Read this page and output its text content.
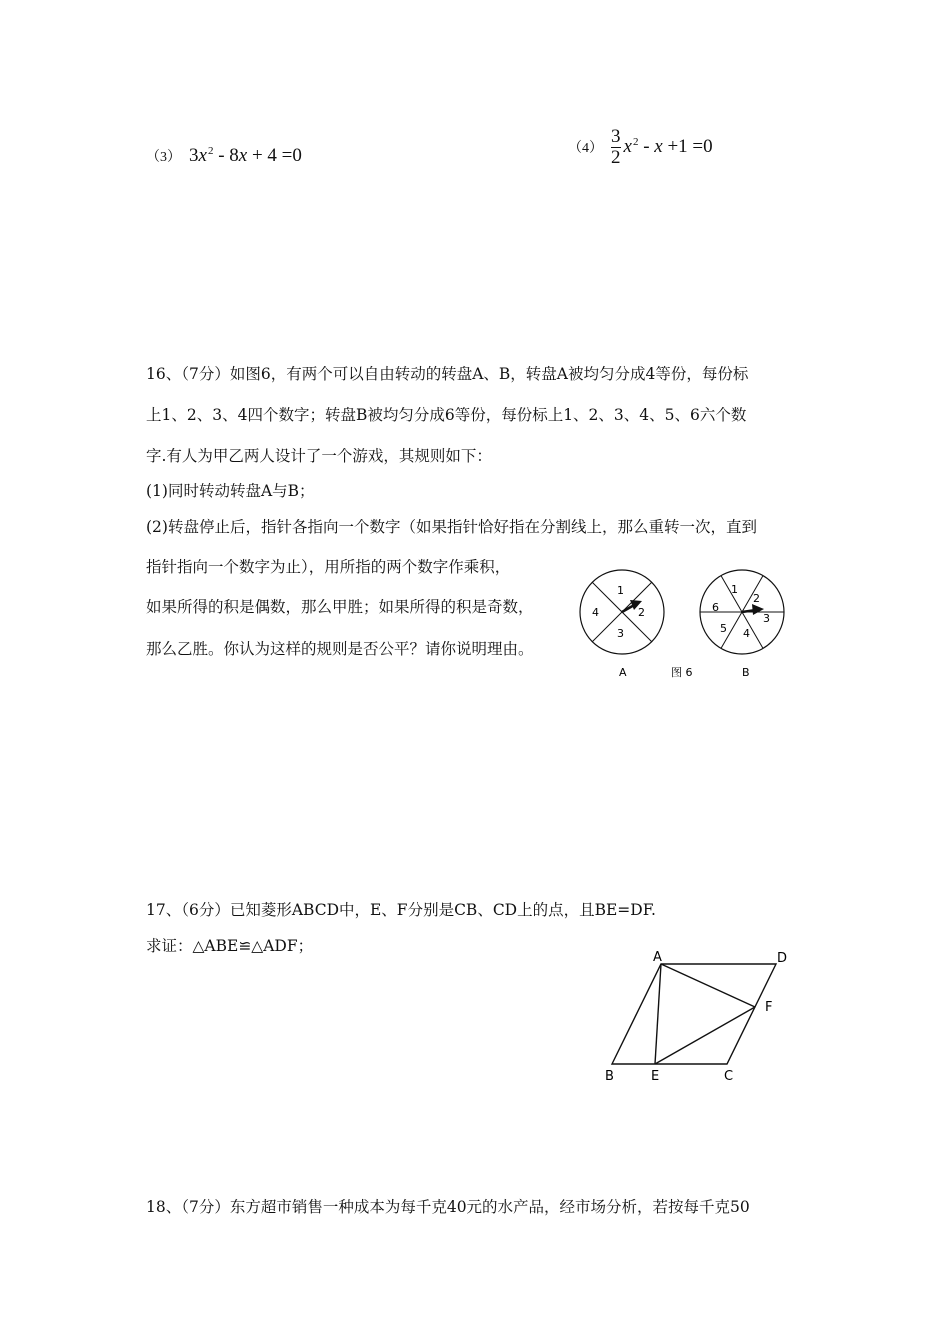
（3） $3x^2 - 8x + 4 =0$	$(4) \frac{3}{2} x^2 - x +1 =0$
16、（7分）如图6，有两个可以自由转动的转盘A、B，转盘A被均匀分成4等份，每份标
上1、2、3、4四个数字；转盘B被均匀分成6等份，每份标上1、2、3、4、5、6六个数
字.有人为甲乙两人设计了一个游戏，其规则如下：
(1)同时转动转盘A与B；
(2)转盘停止后，指针各指向一个数字（如果指针恰好指在分割线上，那么重转一次，直到
指针指向一个数字为止），用所指的两个数字作乘积，
如果所得的积是偶数，那么甲胜；如果所得的积是奇数，
那么乙胜。你认为这样的规则是否公平？请你说明理由。
1
2
3
4
1
2
3
4
5
6
A	图 6	B
17、（6分）已知菱形ABCD中，E、F分别是CB、CD上的点，且BE=DF.
求证：△ABE≌△ADF；
A	D
F
B	E	C
18、（7分）东方超市销售一种成本为每千克40元的水产品，经市场分析，若按每千克50
